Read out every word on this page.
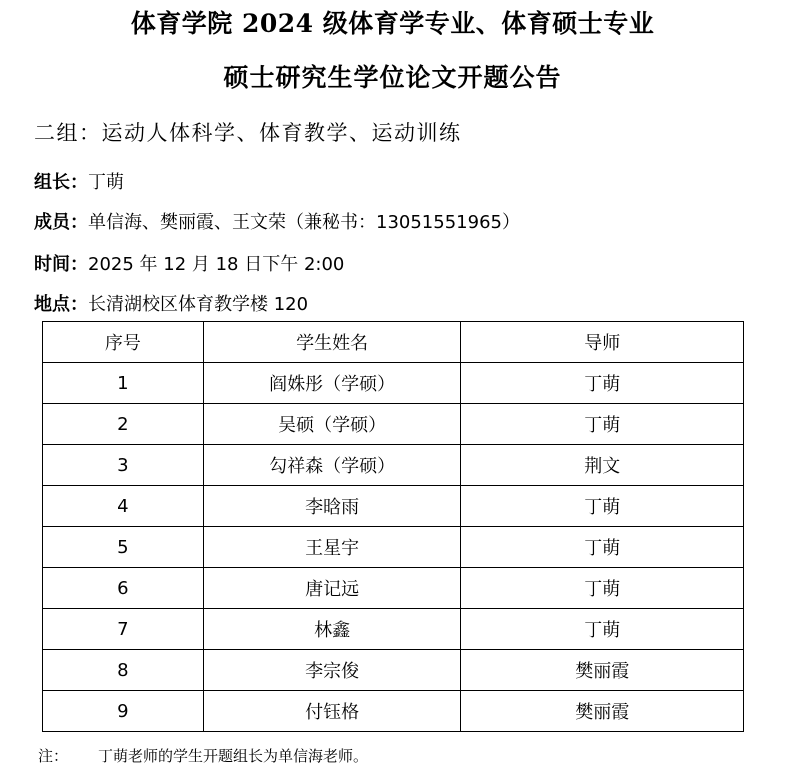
体育学院 2024 级体育学专业、体育硕士专业
硕士研究生学位论文开题公告
二组：运动人体科学、体育教学、运动训练
组长：丁萌
成员：单信海、樊丽霞、王文荣（兼秘书：13051551965）
时间：2025 年 12 月 18 日下午 2:00
地点：长清湖校区体育教学楼 120
序号	学生姓名	导师
1	阎姝彤（学硕）	丁萌
2	吴硕（学硕）	丁萌
3	勾祥森（学硕）	荆文
4	李晗雨	丁萌
5	王星宇	丁萌
6	唐记远	丁萌
7	林鑫	丁萌
8	李宗俊	樊丽霞
9	付钰格	樊丽霞
注： 丁萌老师的学生开题组长为单信海老师。
